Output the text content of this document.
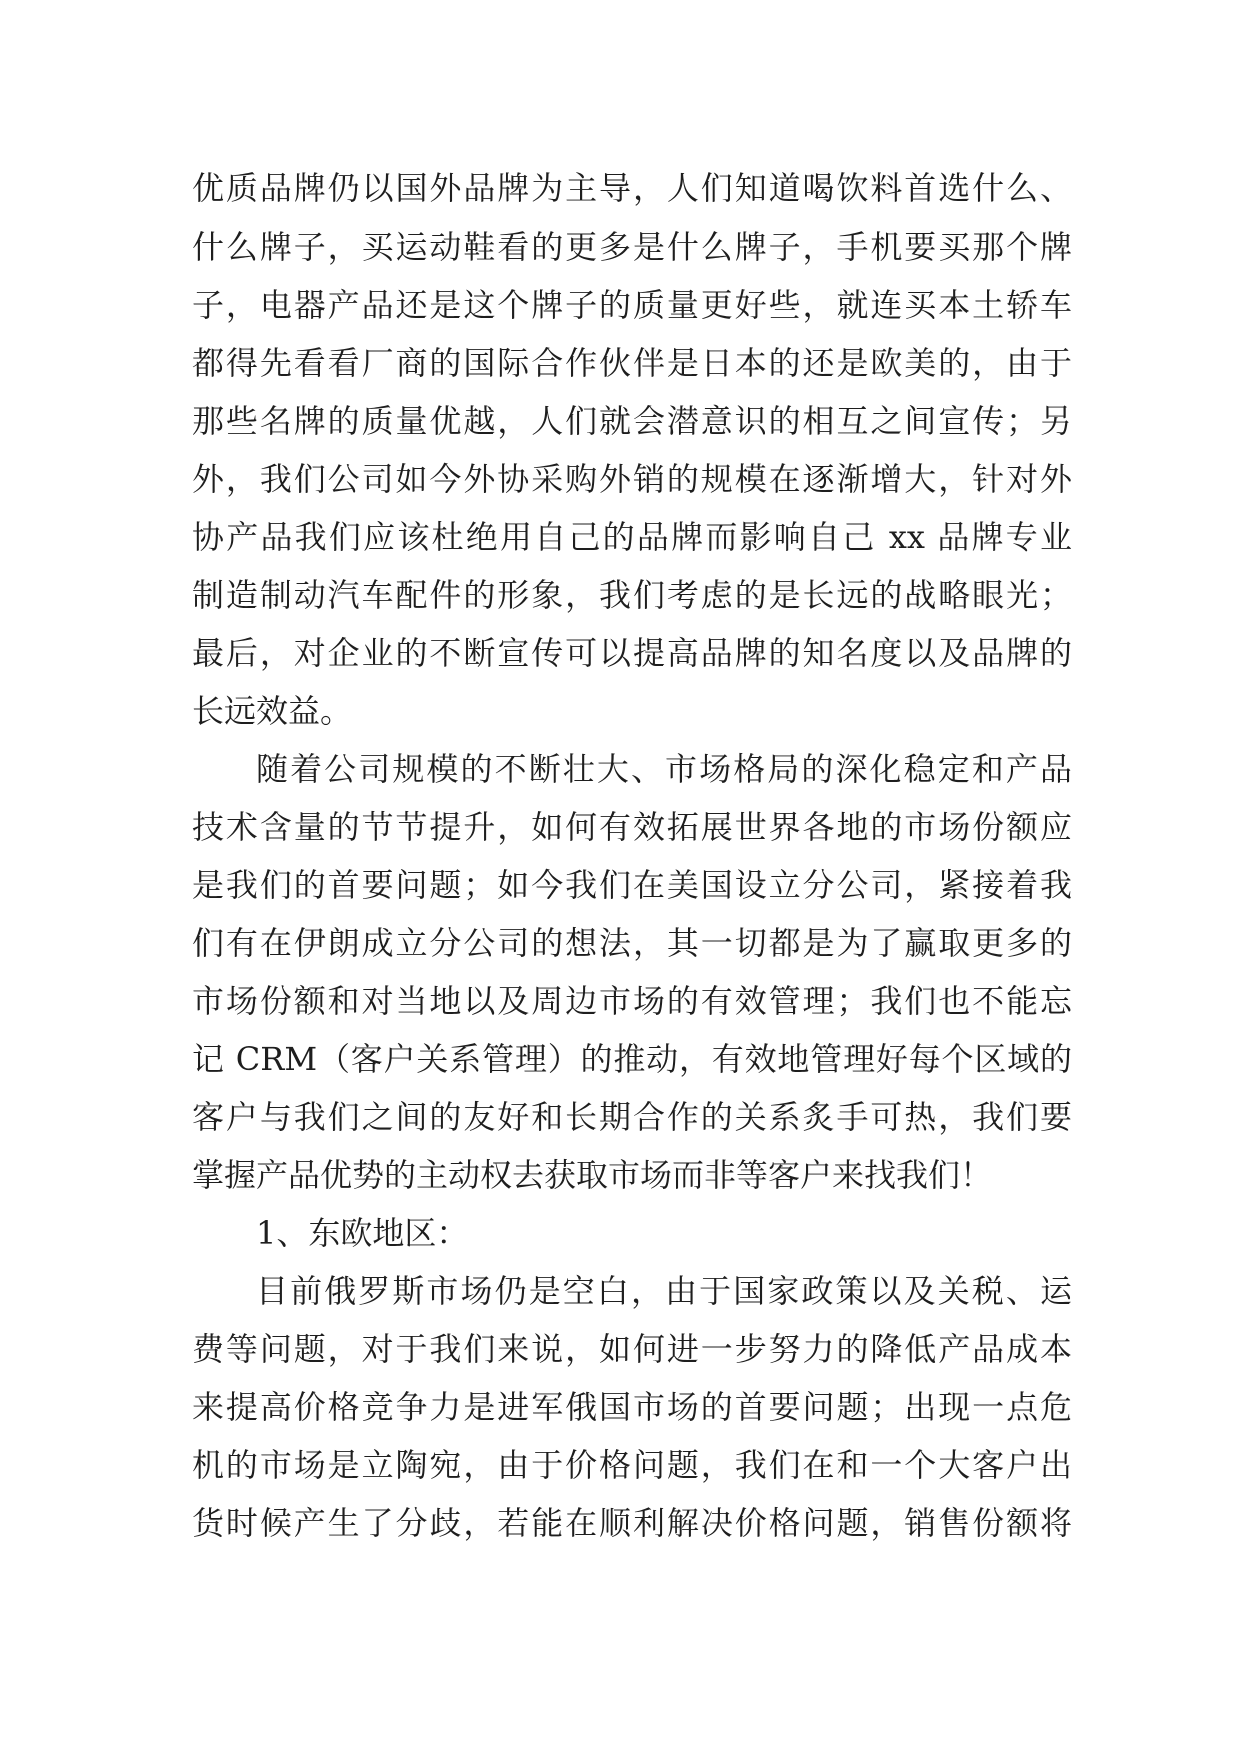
优质品牌仍以国外品牌为主导，人们知道喝饮料首选什么、
什么牌子，买运动鞋看的更多是什么牌子，手机要买那个牌
子，电器产品还是这个牌子的质量更好些，就连买本土轿车
都得先看看厂商的国际合作伙伴是日本的还是欧美的，由于
那些名牌的质量优越，人们就会潜意识的相互之间宣传；另
外，我们公司如今外协采购外销的规模在逐渐增大，针对外
协产品我们应该杜绝用自己的品牌而影响自己 xx 品牌专业
制造制动汽车配件的形象，我们考虑的是长远的战略眼光；
最后，对企业的不断宣传可以提高品牌的知名度以及品牌的
长远效益。
随着公司规模的不断壮大、市场格局的深化稳定和产品
技术含量的节节提升，如何有效拓展世界各地的市场份额应
是我们的首要问题；如今我们在美国设立分公司，紧接着我
们有在伊朗成立分公司的想法，其一切都是为了赢取更多的
市场份额和对当地以及周边市场的有效管理；我们也不能忘
记 CRM（客户关系管理）的推动，有效地管理好每个区域的
客户与我们之间的友好和长期合作的关系炙手可热，我们要
掌握产品优势的主动权去获取市场而非等客户来找我们！
1、东欧地区：
目前俄罗斯市场仍是空白，由于国家政策以及关税、运
费等问题，对于我们来说，如何进一步努力的降低产品成本
来提高价格竞争力是进军俄国市场的首要问题；出现一点危
机的市场是立陶宛，由于价格问题，我们在和一个大客户出
货时候产生了分歧，若能在顺利解决价格问题，销售份额将
